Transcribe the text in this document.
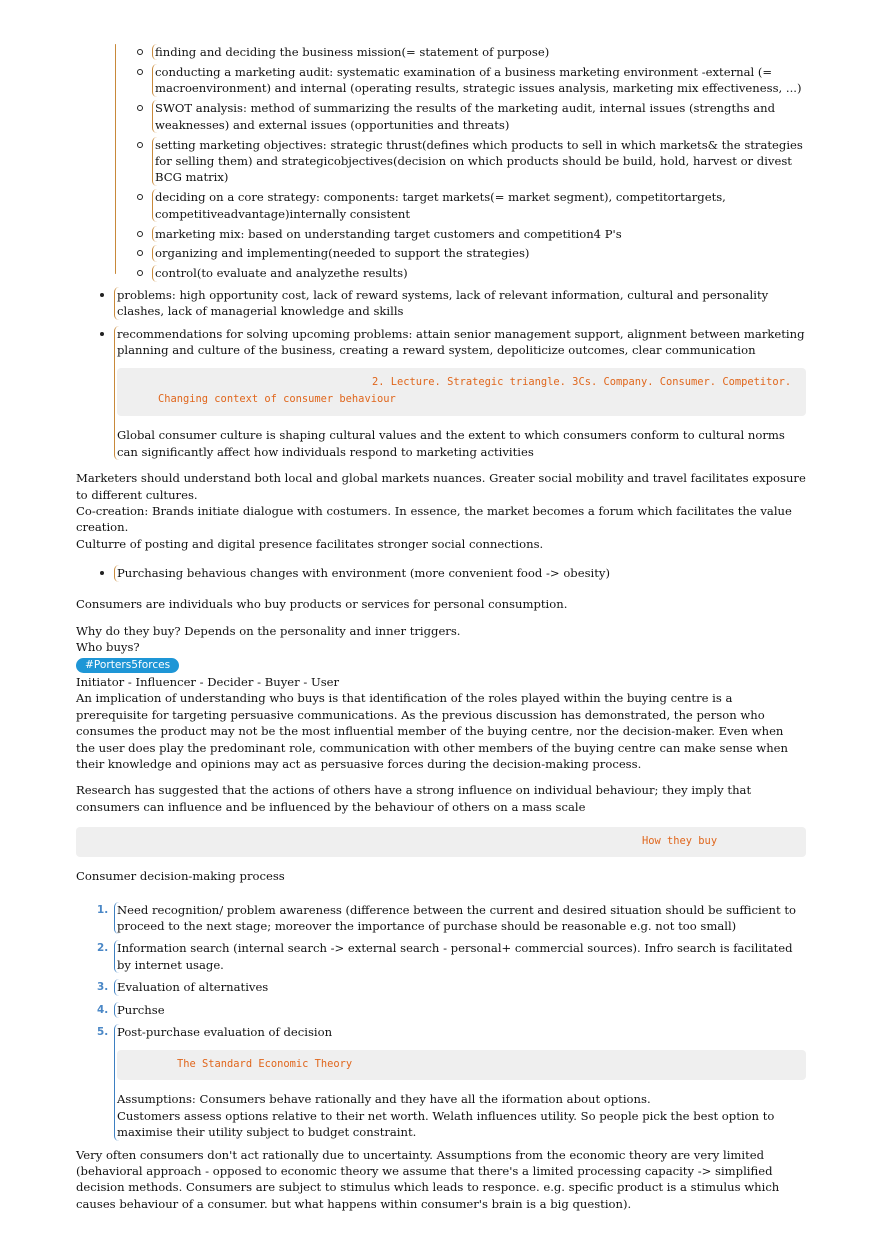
finding and deciding the business mission(= statement of purpose)
conducting a marketing audit: systematic examination of a business marketing environment -external (= macroenvironment) and internal (operating results, strategic issues analysis, marketing mix effectiveness, ...)
SWOT analysis: method of summarizing the results of the marketing audit, internal issues (strengths and weaknesses) and external issues (opportunities and threats)
setting marketing objectives: strategic thrust(defines which products to sell in which markets& the strategies for selling them) and strategicobjectives(decision on which products should be build, hold, harvest or divest BCG matrix)
deciding on a core strategy: components: target markets(= market segment), competitortargets, competitiveadvantage)internally consistent
marketing mix: based on understanding target customers and competition4 P's
organizing and implementing(needed to support the strategies)
control(to evaluate and analyzethe results)
problems: high opportunity cost, lack of reward systems, lack of relevant information, cultural and personality clashes, lack of managerial knowledge and skills
recommendations for solving upcoming problems: attain senior management support, alignment between marketing planning and culture of the business, creating a reward system, depoliticize outcomes, clear communication
2. Lecture. Strategic triangle. 3Cs. Company. Consumer. Competitor.
Changing context of consumer behaviour
Global consumer culture is shaping cultural values and the extent to which consumers conform to cultural norms can significantly affect how individuals respond to marketing activities

Marketers should understand both local and global markets nuances. Greater social mobility and travel facilitates exposure to different cultures.

Co-creation: Brands initiate dialogue with costumers. In essence, the market becomes a forum which facilitates the value creation.

Culturre of posting and digital presence facilitates stronger social connections.

Purchasing behavious changes with environment (more convenient food -> obesity)

Consumers are individuals who buy products or services for personal consumption.

Why do they buy? Depends on the personality and inner triggers.

Who buys?

#Porters5forces

Initiator - Influencer - Decider - Buyer - User

An implication of understanding who buys is that identification of the roles played within the buying centre is a prerequisite for targeting persuasive communications. As the previous discussion has demonstrated, the person who consumes the product may not be the most influential member of the buying centre, nor the decision-maker. Even when the user does play the predominant role, communication with other members of the buying centre can make sense when their knowledge and opinions may act as persuasive forces during the decision-making process.

Research has suggested that the actions of others have a strong influence on individual behaviour; they imply that consumers can influence and be influenced by the behaviour of others on a mass scale

How they buy

Consumer decision-making process

1. Need recognition/ problem awareness (difference between the current and desired situation should be sufficient to proceed to the next stage; moreover the importance of purchase should be reasonable e.g. not too small)
2. Information search (internal search -> external search - personal+ commercial sources). Infro search is facilitated by internet usage.
3. Evaluation of alternatives
4. Purchse
5. Post-purchase evaluation of decision
The Standard Economic Theory
Assumptions: Consumers behave rationally and they have all the iformation about options.
Customers assess options relative to their net worth. Welath influences utility. So people pick the best option to maximise their utility subject to budget constraint.

Very often consumers don't act rationally due to uncertainty. Assumptions from the economic theory are very limited (behavioral approach - opposed to economic theory we assume that there's a limited processing capacity -> simplified decision methods. Consumers are subject to stimulus which leads to responce. e.g. specific product is a stimulus which causes behaviour of a consumer. but what happens within consumer's brain is a big question).
